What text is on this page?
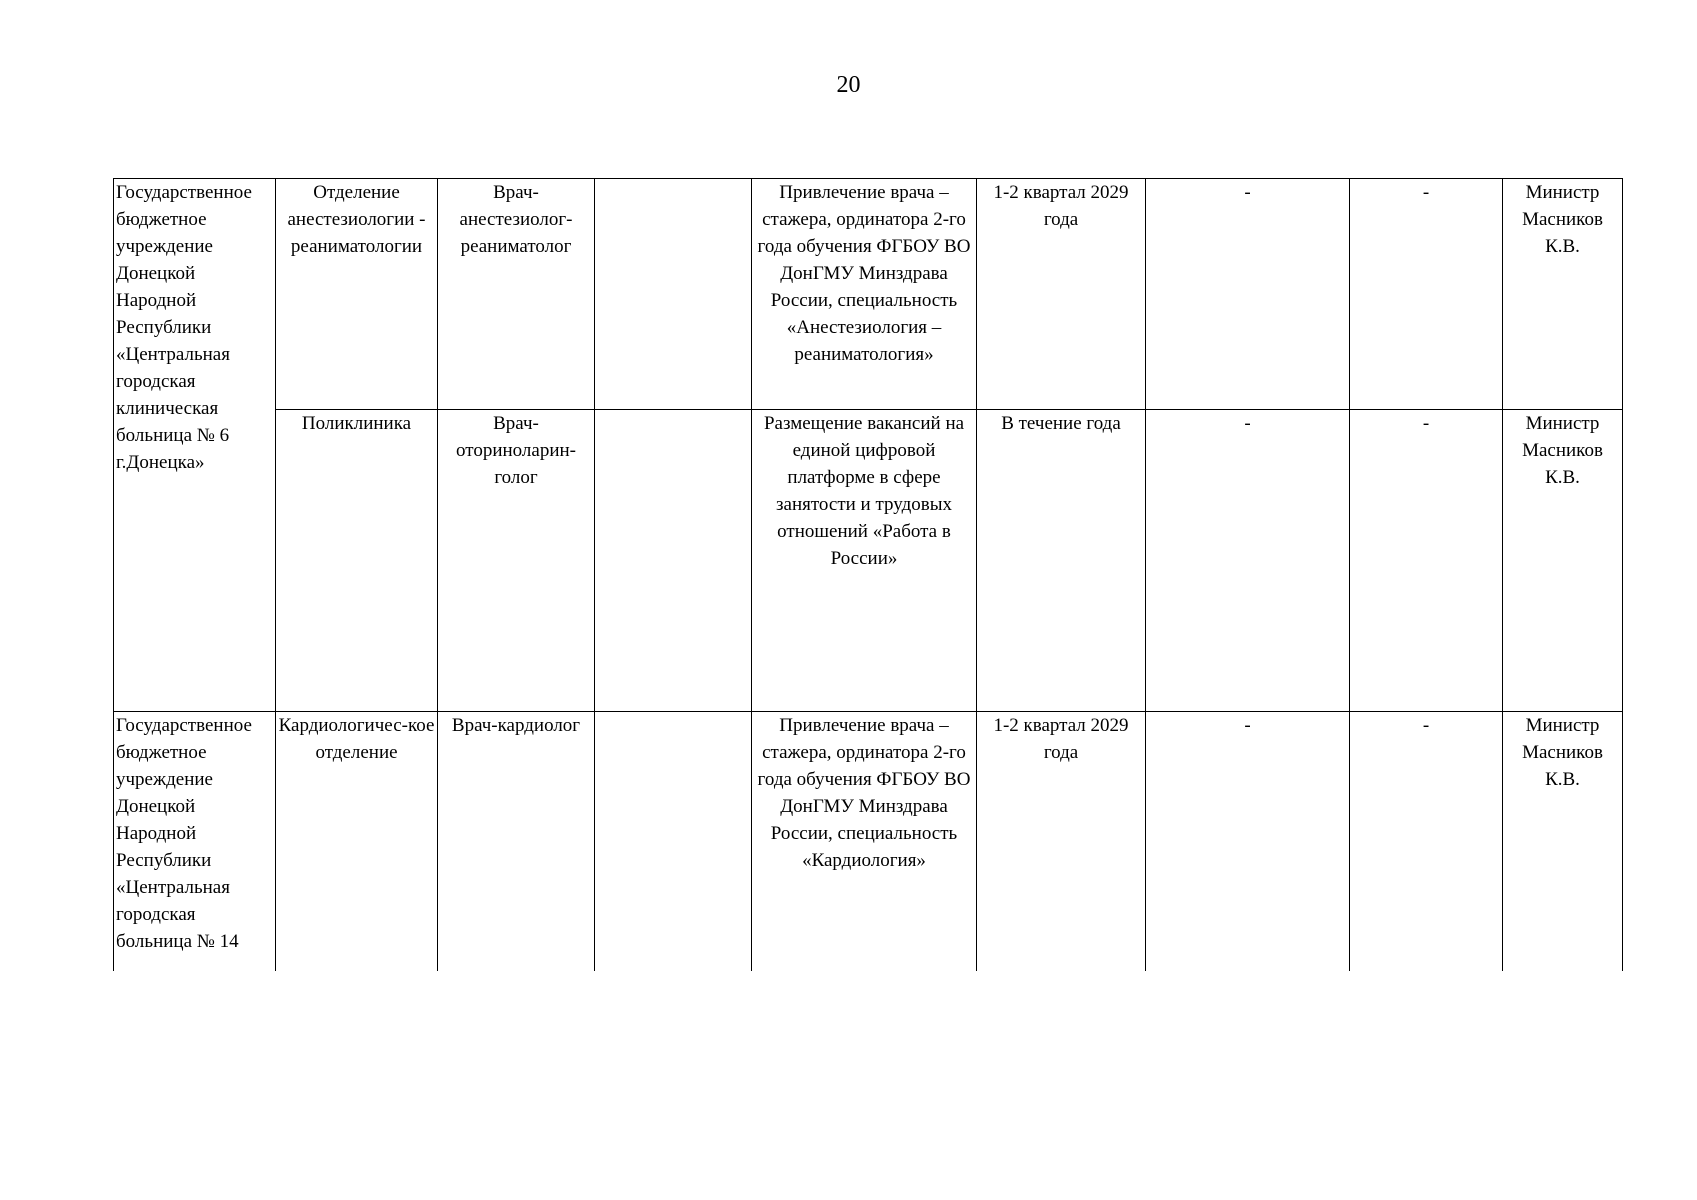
20
Государственное бюджетное учреждение Донецкой Народной Республики «Центральная городская клиническая больница № 6 г.Донецка»	Отделение анестезиологии - реаниматологии	Врач-анестезиолог-реаниматолог		Привлечение врача – стажера, ординатора 2-го года обучения ФГБОУ ВО ДонГМУ Минздрава России, специальность «Анестезиология – реаниматология»	1-2 квартал 2029 года	-	-	Министр Масников К.В.
	Поликлиника	Врач-оториноларин-голог		Размещение вакансий на единой цифровой платформе в сфере занятости и трудовых отношений «Работа в России»	В течение года	-	-	Министр Масников К.В.
Государственное бюджетное учреждение Донецкой Народной Республики «Центральная городская больница № 14	Кардиологичес-кое отделение	Врач-кардиолог		Привлечение врача – стажера, ординатора 2-го года обучения ФГБОУ ВО ДонГМУ Минздрава России, специальность «Кардиология»	1-2 квартал 2029 года	-	-	Министр Масников К.В.
